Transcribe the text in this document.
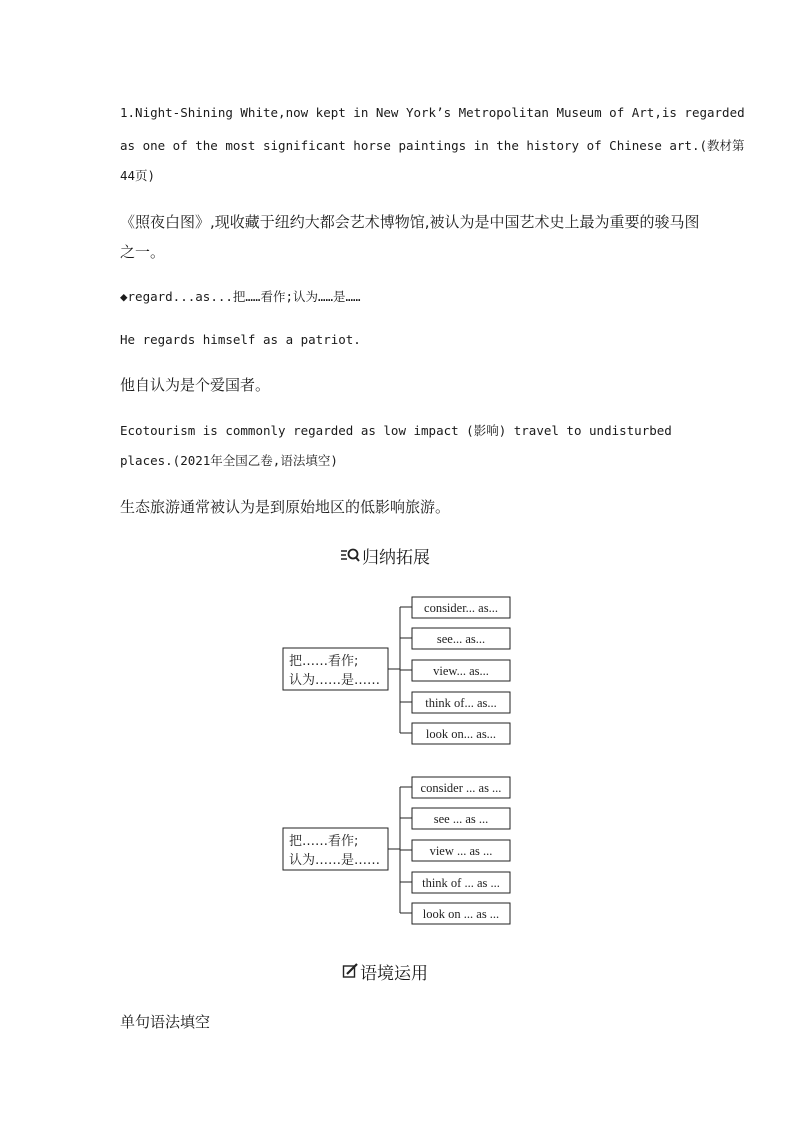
1.Night-Shining White,now kept in New York’s Metropolitan Museum of Art,is regarded
as one of the most significant horse paintings in the history of Chinese art.(教材第
44页)
《照夜白图》,现收藏于纽约大都会艺术博物馆,被认为是中国艺术史上最为重要的骏马图
之一。
◆regard...as...把……看作;认为……是……
He regards himself as a patriot.
他自认为是个爱国者。
Ecotourism is commonly regarded as low impact (影响) travel to undisturbed
places.(2021年全国乙卷,语法填空)
生态旅游通常被认为是到原始地区的低影响旅游。
归纳拓展
把……看作;
认为……是……
consider... as...
see... as...
view... as...
think of... as...
look on... as...
把……看作;
认为……是……
consider ... as ...
see ... as ...
view ... as ...
think of ... as ...
look on ... as ...
语境运用
单句语法填空
